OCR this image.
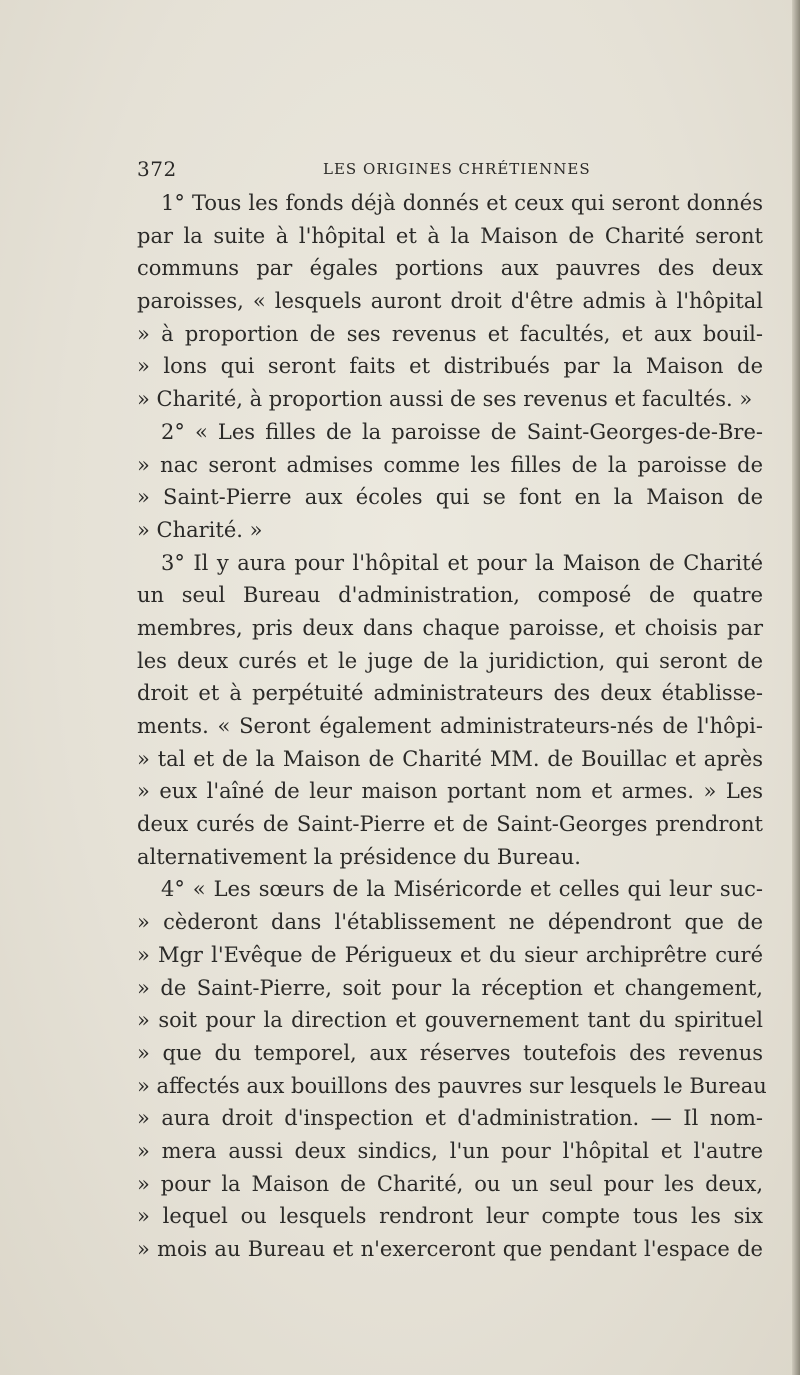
372	LES ORIGINES CHRÉTIENNES
1° Tous les fonds déjà donnés et ceux qui seront donnés
par la suite à l'hôpital et à la Maison de Charité seront
communs par égales portions aux pauvres des deux
paroisses, « lesquels auront droit d'être admis à l'hôpital
» à proportion de ses revenus et facultés, et aux bouil-
» lons qui seront faits et distribués par la Maison de
» Charité, à proportion aussi de ses revenus et facultés. »
2° « Les filles de la paroisse de Saint-Georges-de-Bre-
» nac seront admises comme les filles de la paroisse de
» Saint-Pierre aux écoles qui se font en la Maison de
» Charité. »
3° Il y aura pour l'hôpital et pour la Maison de Charité
un seul Bureau d'administration, composé de quatre
membres, pris deux dans chaque paroisse, et choisis par
les deux curés et le juge de la juridiction, qui seront de
droit et à perpétuité administrateurs des deux établisse-
ments. « Seront également administrateurs-nés de l'hôpi-
» tal et de la Maison de Charité MM. de Bouillac et après
» eux l'aîné de leur maison portant nom et armes. » Les
deux curés de Saint-Pierre et de Saint-Georges prendront
alternativement la présidence du Bureau.
4° « Les sœurs de la Miséricorde et celles qui leur suc-
» cèderont dans l'établissement ne dépendront que de
» Mgr l'Evêque de Périgueux et du sieur archiprêtre curé
» de Saint-Pierre, soit pour la réception et changement,
» soit pour la direction et gouvernement tant du spirituel
» que du temporel, aux réserves toutefois des revenus
» affectés aux bouillons des pauvres sur lesquels le Bureau
» aura droit d'inspection et d'administration. — Il nom-
» mera aussi deux sindics, l'un pour l'hôpital et l'autre
» pour la Maison de Charité, ou un seul pour les deux,
» lequel ou lesquels rendront leur compte tous les six
» mois au Bureau et n'exerceront que pendant l'espace de
